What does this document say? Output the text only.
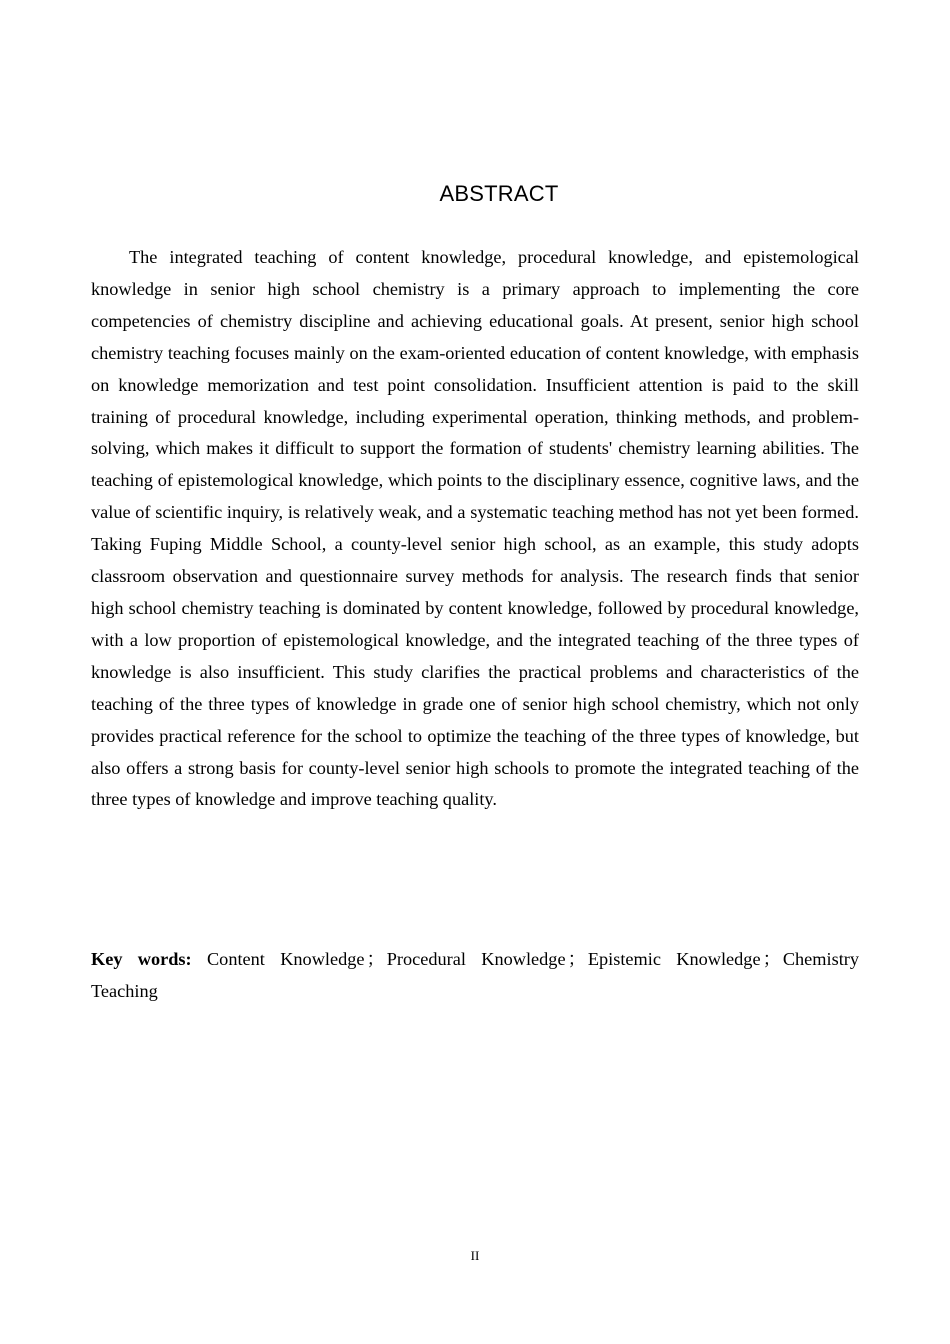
ABSTRACT

The integrated teaching of content knowledge, procedural knowledge, and epistemological knowledge in senior high school chemistry is a primary approach to implementing the core competencies of chemistry discipline and achieving educational goals. At present, senior high school chemistry teaching focuses mainly on the exam-oriented education of content knowledge, with emphasis on knowledge memorization and test point consolidation. Insufficient attention is paid to the skill training of procedural knowledge, including experimental operation, thinking methods, and problem-solving, which makes it difficult to support the formation of students' chemistry learning abilities. The teaching of epistemological knowledge, which points to the disciplinary essence, cognitive laws, and the value of scientific inquiry, is relatively weak, and a systematic teaching method has not yet been formed. Taking Fuping Middle School, a county-level senior high school, as an example, this study adopts classroom observation and questionnaire survey methods for analysis. The research finds that senior high school chemistry teaching is dominated by content knowledge, followed by procedural knowledge, with a low proportion of epistemological knowledge, and the integrated teaching of the three types of knowledge is also insufficient. This study clarifies the practical problems and characteristics of the teaching of the three types of knowledge in grade one of senior high school chemistry, which not only provides practical reference for the school to optimize the teaching of the three types of knowledge, but also offers a strong basis for county-level senior high schools to promote the integrated teaching of the three types of knowledge and improve teaching quality.

Key words: Content Knowledge ； Procedural Knowledge ； Epistemic Knowledge ； Chemistry Teaching

II
